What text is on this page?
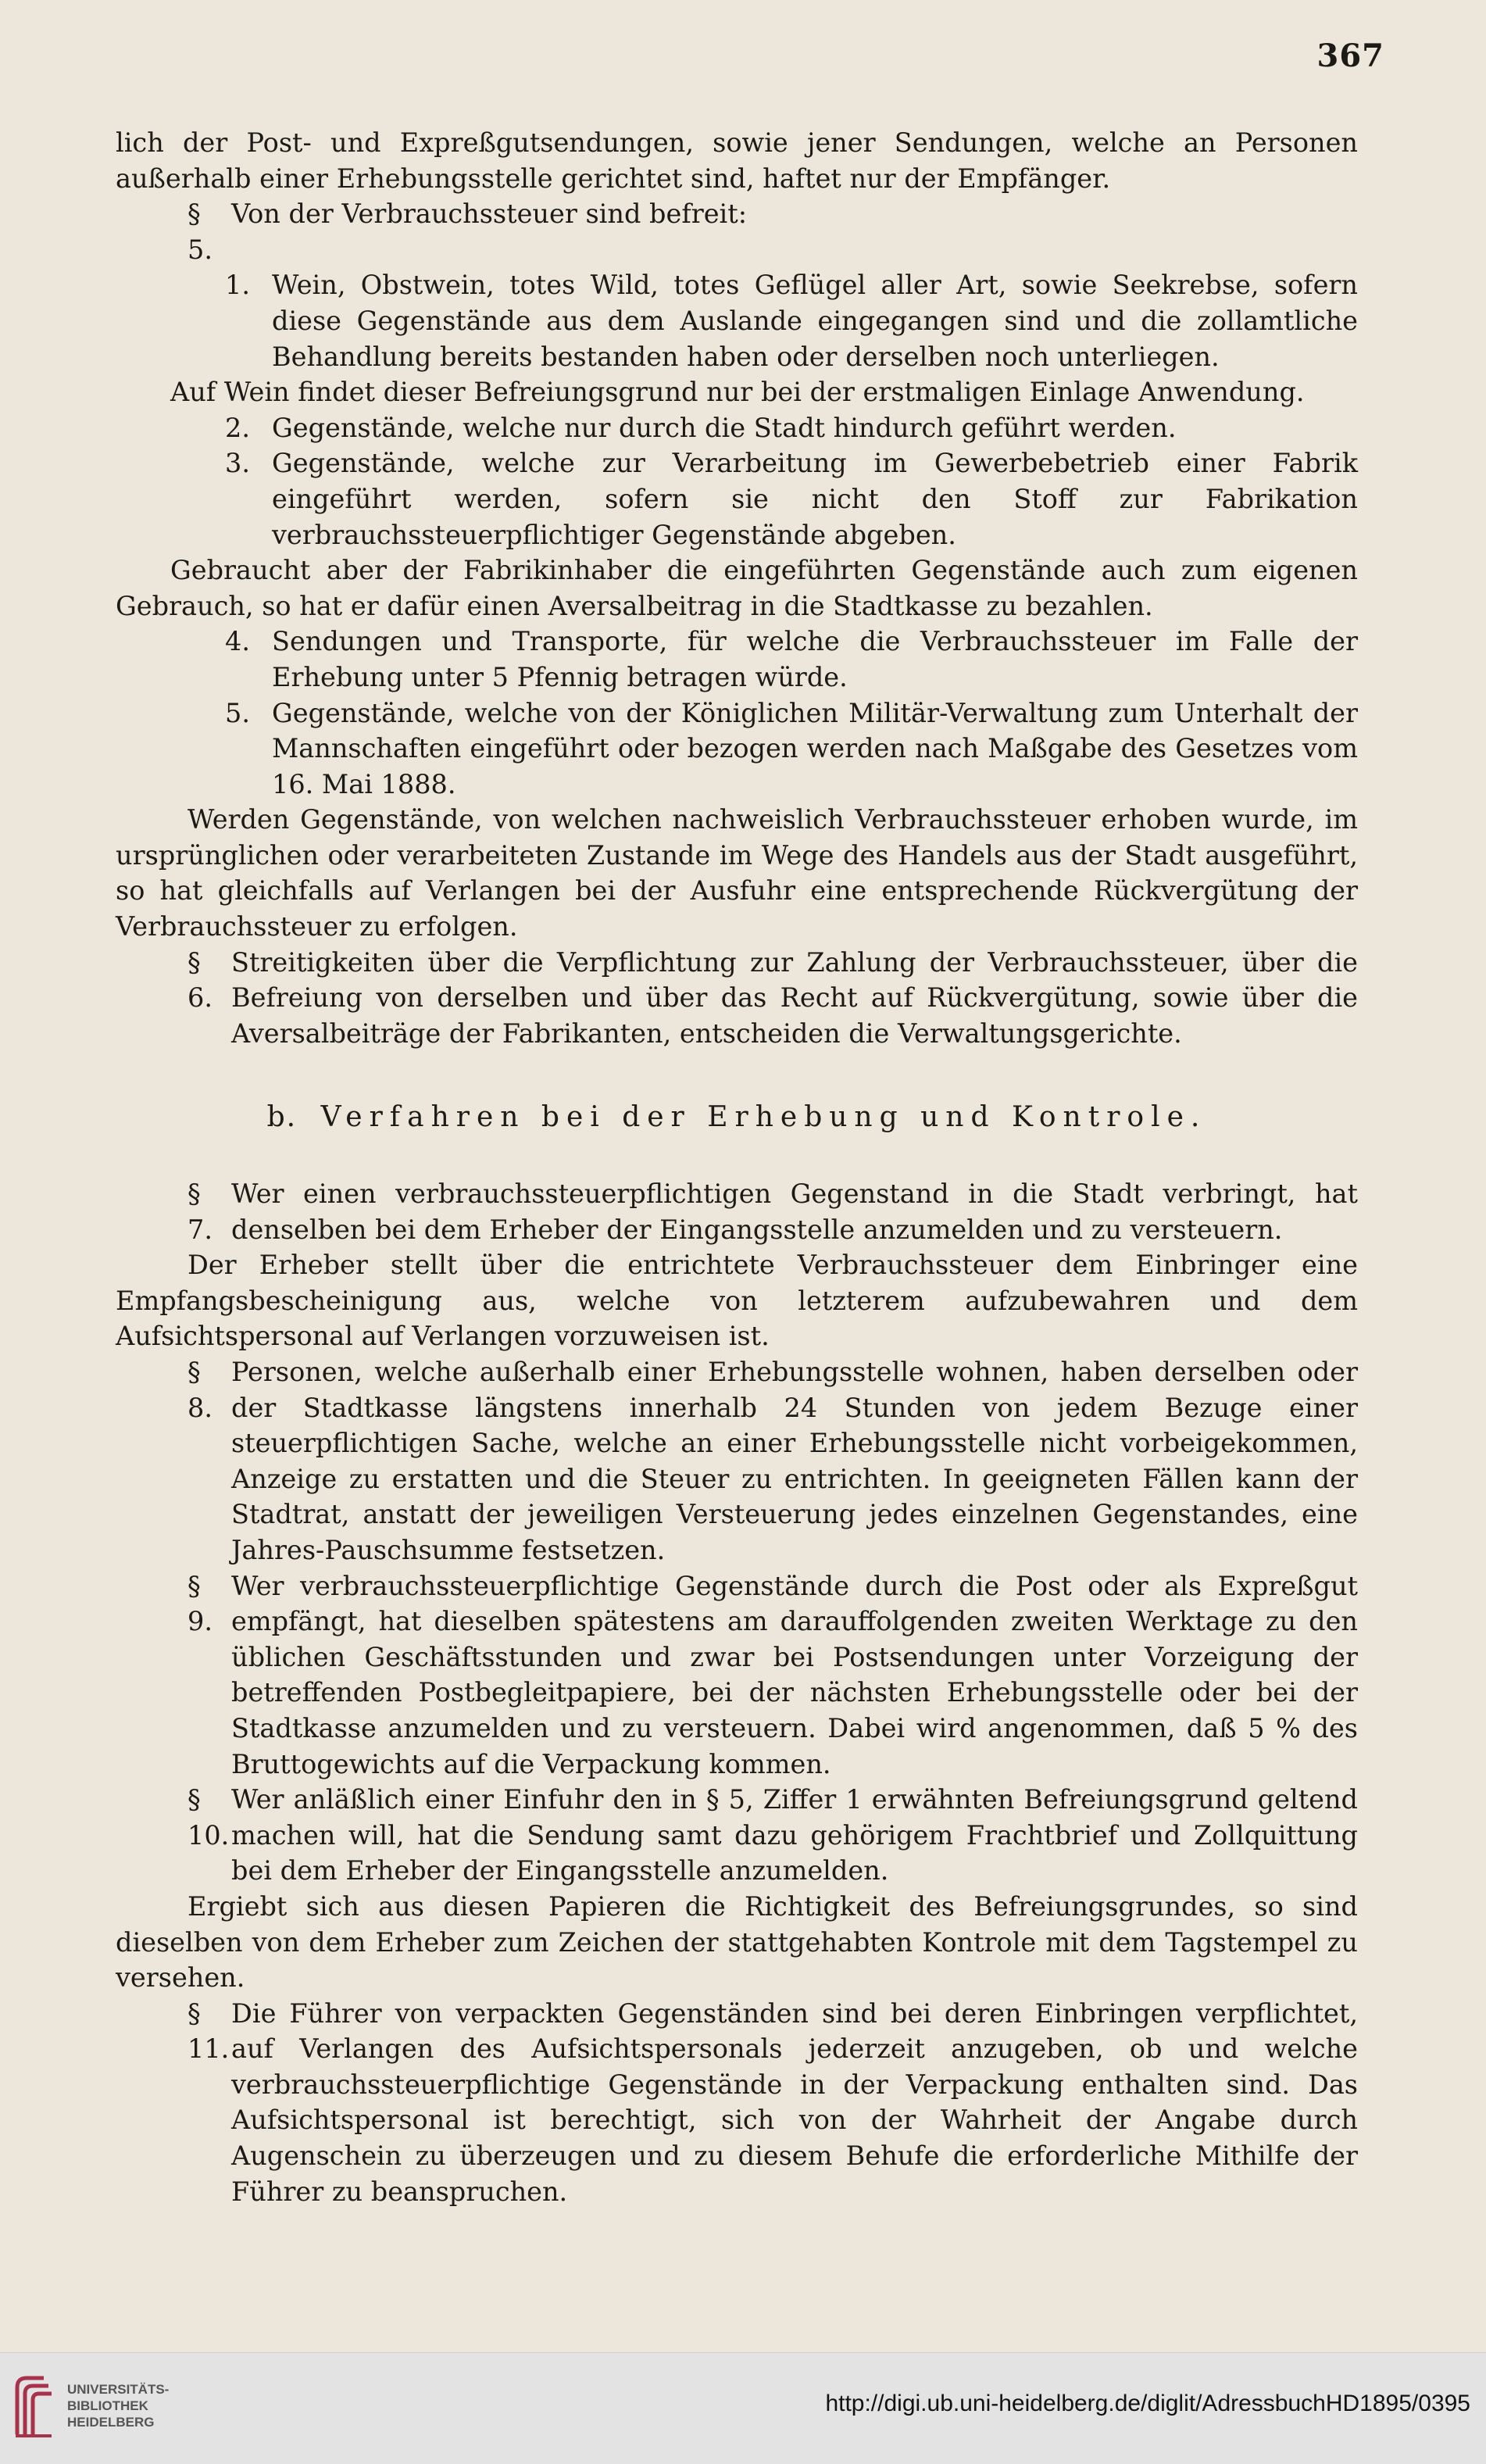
367

lich der Post- und Expreßgutsendungen, sowie jener Sendungen, welche an Personen außerhalb einer Erhebungsstelle gerichtet sind, haftet nur der Empfänger.

§ 5.
Von der Verbrauchssteuer sind befreit:
1. Wein, Obstwein, totes Wild, totes Geflügel aller Art, sowie Seekrebse, sofern diese Gegenstände aus dem Auslande eingegangen sind und die zollamtliche Behandlung bereits bestanden haben oder derselben noch unterliegen.

Auf Wein findet dieser Befreiungsgrund nur bei der erstmaligen Einlage Anwendung.

2. Gegenstände, welche nur durch die Stadt hindurch geführt werden.
3. Gegenstände, welche zur Verarbeitung im Gewerbebetrieb einer Fabrik eingeführt werden, sofern sie nicht den Stoff zur Fabrikation verbrauchssteuerpflichtiger Gegenstände abgeben.

Gebraucht aber der Fabrikinhaber die eingeführten Gegenstände auch zum eigenen Gebrauch, so hat er dafür einen Aversalbeitrag in die Stadtkasse zu bezahlen.

4. Sendungen und Transporte, für welche die Verbrauchssteuer im Falle der Erhebung unter 5 Pfennig betragen würde.
5. Gegenstände, welche von der Königlichen Militär-Verwaltung zum Unterhalt der Mannschaften eingeführt oder bezogen werden nach Maßgabe des Gesetzes vom 16. Mai 1888.

Werden Gegenstände, von welchen nachweislich Verbrauchssteuer erhoben wurde, im ursprünglichen oder verarbeiteten Zustande im Wege des Handels aus der Stadt ausgeführt, so hat gleichfalls auf Verlangen bei der Ausfuhr eine entsprechende Rückvergütung der Verbrauchssteuer zu erfolgen.

§ 6.
Streitigkeiten über die Verpflichtung zur Zahlung der Verbrauchssteuer, über die Befreiung von derselben und über das Recht auf Rückvergütung, sowie über die Aversalbeiträge der Fabrikanten, entscheiden die Verwaltungsgerichte.
b. Verfahren bei der Erhebung und Kontrole.
§ 7.
Wer einen verbrauchssteuerpflichtigen Gegenstand in die Stadt verbringt, hat denselben bei dem Erheber der Eingangsstelle anzumelden und zu versteuern.

Der Erheber stellt über die entrichtete Verbrauchssteuer dem Einbringer eine Empfangsbescheinigung aus, welche von letzterem aufzubewahren und dem Aufsichtspersonal auf Verlangen vorzuweisen ist.

§ 8.
Personen, welche außerhalb einer Erhebungsstelle wohnen, haben derselben oder der Stadtkasse längstens innerhalb 24 Stunden von jedem Bezuge einer steuerpflichtigen Sache, welche an einer Erhebungsstelle nicht vorbeigekommen, Anzeige zu erstatten und die Steuer zu entrichten. In geeigneten Fällen kann der Stadtrat, anstatt der jeweiligen Versteuerung jedes einzelnen Gegenstandes, eine Jahres-Pauschsumme festsetzen.
§ 9.
Wer verbrauchssteuerpflichtige Gegenstände durch die Post oder als Expreßgut empfängt, hat dieselben spätestens am darauffolgenden zweiten Werktage zu den üblichen Geschäftsstunden und zwar bei Postsendungen unter Vorzeigung der betreffenden Postbegleitpapiere, bei der nächsten Erhebungsstelle oder bei der Stadtkasse anzumelden und zu versteuern. Dabei wird angenommen, daß 5 % des Bruttogewichts auf die Verpackung kommen.
§ 10.
Wer anläßlich einer Einfuhr den in § 5, Ziffer 1 erwähnten Befreiungsgrund geltend machen will, hat die Sendung samt dazu gehörigem Frachtbrief und Zollquittung bei dem Erheber der Eingangsstelle anzumelden.

Ergiebt sich aus diesen Papieren die Richtigkeit des Befreiungsgrundes, so sind dieselben von dem Erheber zum Zeichen der stattgehabten Kontrole mit dem Tagstempel zu versehen.

§ 11.
Die Führer von verpackten Gegenständen sind bei deren Einbringen verpflichtet, auf Verlangen des Aufsichtspersonals jederzeit anzugeben, ob und welche verbrauchssteuerpflichtige Gegenstände in der Verpackung enthalten sind. Das Aufsichtspersonal ist berechtigt, sich von der Wahrheit der Angabe durch Augenschein zu überzeugen und zu diesem Behufe die erforderliche Mithilfe der Führer zu beanspruchen.
UNIVERSITÄTS-
BIBLIOTHEK
HEIDELBERG
http://digi.ub.uni-heidelberg.de/diglit/AdressbuchHD1895/0395
